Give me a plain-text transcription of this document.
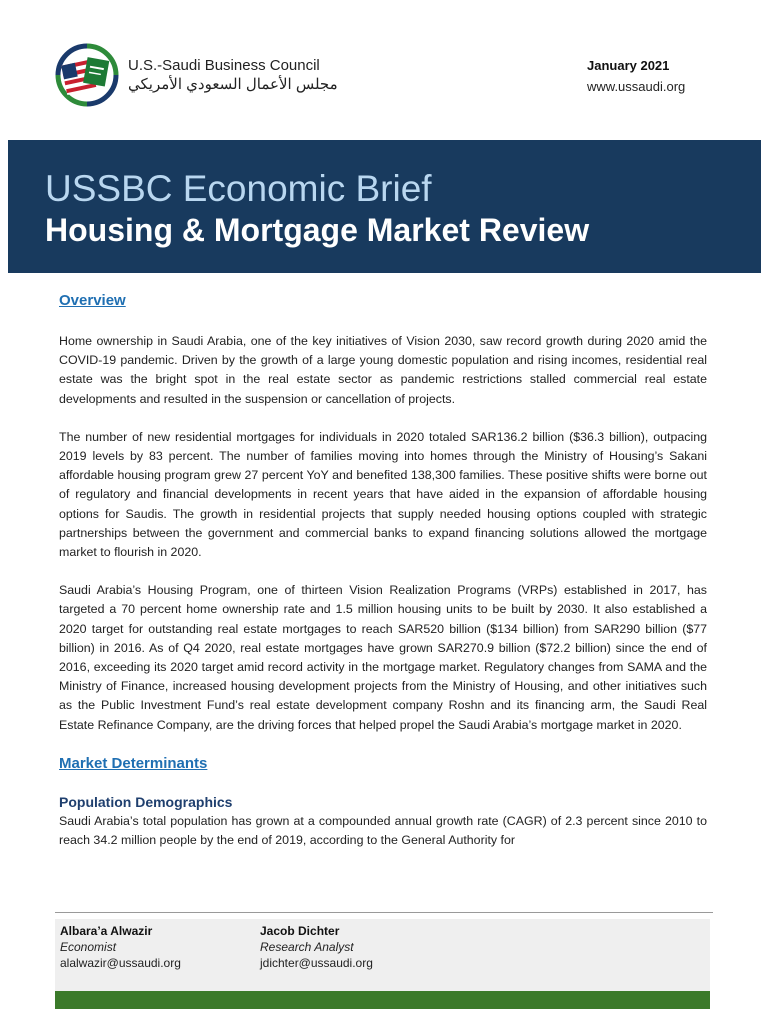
U.S.-Saudi Business Council
مجلس الأعمال السعودي الأمريكي
January 2021
www.ussaudi.org
USSBC Economic Brief
Housing & Mortgage Market Review
Overview

Home ownership in Saudi Arabia, one of the key initiatives of Vision 2030, saw record growth during 2020 amid the COVID-19 pandemic. Driven by the growth of a large young domestic population and rising incomes, residential real estate was the bright spot in the real estate sector as pandemic restrictions stalled commercial real estate developments and resulted in the suspension or cancellation of projects.

The number of new residential mortgages for individuals in 2020 totaled SAR136.2 billion ($36.3 billion), outpacing 2019 levels by 83 percent. The number of families moving into homes through the Ministry of Housing’s Sakani affordable housing program grew 27 percent YoY and benefited 138,300 families. These positive shifts were borne out of regulatory and financial developments in recent years that have aided in the expansion of affordable housing options for Saudis. The growth in residential projects that supply needed housing options coupled with strategic partnerships between the government and commercial banks to expand financing solutions allowed the mortgage market to flourish in 2020.

Saudi Arabia’s Housing Program, one of thirteen Vision Realization Programs (VRPs) established in 2017, has targeted a 70 percent home ownership rate and 1.5 million housing units to be built by 2030. It also established a 2020 target for outstanding real estate mortgages to reach SAR520 billion ($134 billion) from SAR290 billion ($77 billion) in 2016. As of Q4 2020, real estate mortgages have grown SAR270.9 billion ($72.2 billion) since the end of 2016, exceeding its 2020 target amid record activity in the mortgage market. Regulatory changes from SAMA and the Ministry of Finance, increased housing development projects from the Ministry of Housing, and other initiatives such as the Public Investment Fund’s real estate development company Roshn and its financing arm, the Saudi Real Estate Refinance Company, are the driving forces that helped propel the Saudi Arabia’s mortgage market in 2020.

Market Determinants
Population Demographics

Saudi Arabia’s total population has grown at a compounded annual growth rate (CAGR) of 2.3 percent since 2010 to reach 34.2 million people by the end of 2019, according to the General Authority for

Albara’a Alwazir
Economist
alalwazir@ussaudi.org
Jacob Dichter
Research Analyst
jdichter@ussaudi.org
